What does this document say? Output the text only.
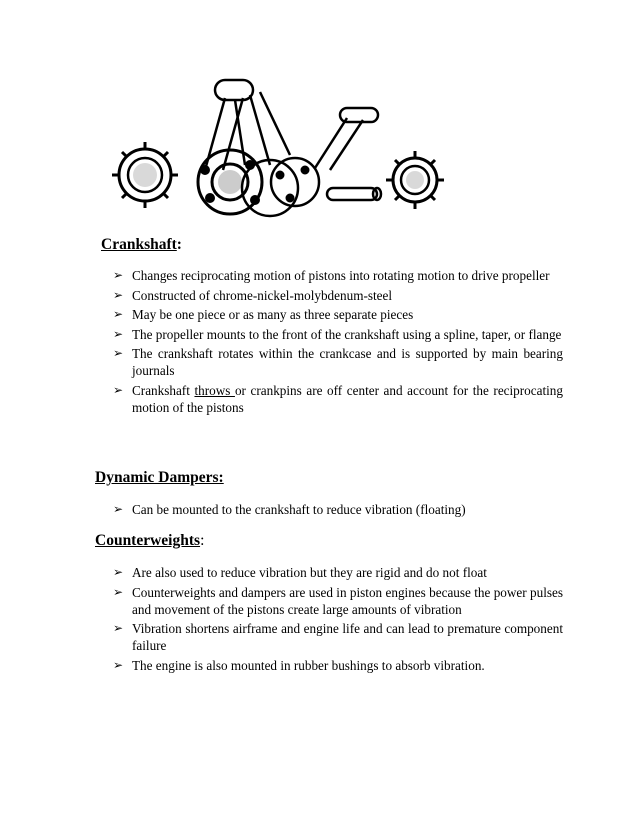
Crankshaft:
➢ Changes reciprocating motion of pistons into rotating motion to drive propeller
➢ Constructed of chrome-nickel-molybdenum-steel
➢ May be one piece or as many as three separate pieces
➢ The propeller mounts to the front of the crankshaft using a spline, taper, or flange
➢ The crankshaft rotates within the crankcase and is supported by main bearing journals
➢ Crankshaft throws or crankpins are off center and account for the reciprocating motion of the pistons
Dynamic Dampers:
➢ Can be mounted to the crankshaft to reduce vibration (floating)
Counterweights:
➢ Are also used to reduce vibration but they are rigid and do not float
➢ Counterweights and dampers are used in piston engines because the power pulses and movement of the pistons create large amounts of vibration
➢ Vibration shortens airframe and engine life and can lead to premature component failure
➢ The engine is also mounted in rubber bushings to absorb vibration.
